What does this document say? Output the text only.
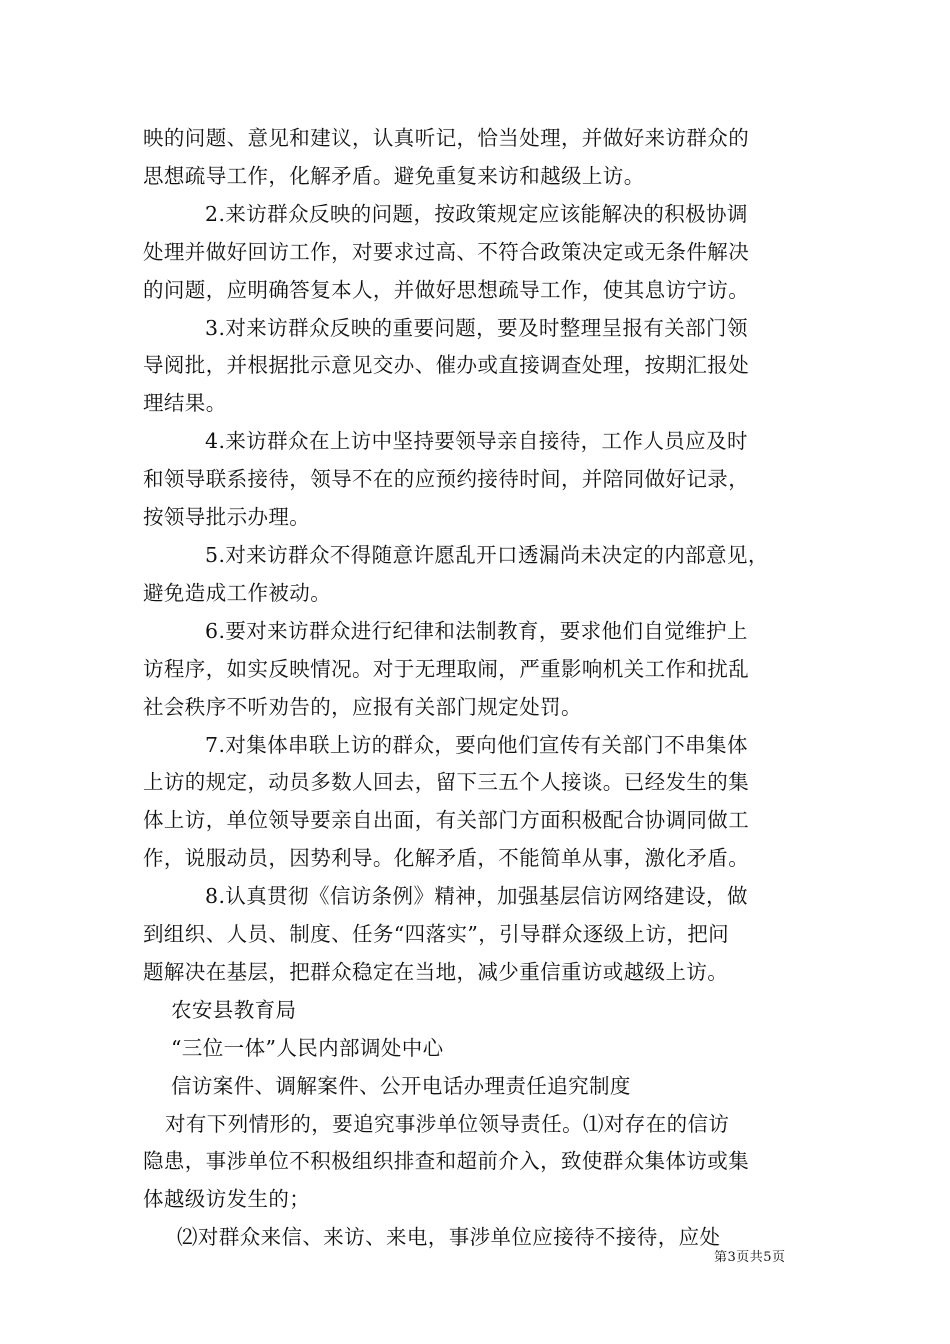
映的问题、意见和建议，认真听记，恰当处理，并做好来访群众的
思想疏导工作，化解矛盾。避免重复来访和越级上访。
2.来访群众反映的问题，按政策规定应该能解决的积极协调
处理并做好回访工作，对要求过高、不符合政策决定或无条件解决
的问题，应明确答复本人，并做好思想疏导工作，使其息访宁访。
3.对来访群众反映的重要问题，要及时整理呈报有关部门领
导阅批，并根据批示意见交办、催办或直接调查处理，按期汇报处
理结果。
4.来访群众在上访中坚持要领导亲自接待，工作人员应及时
和领导联系接待，领导不在的应预约接待时间，并陪同做好记录，
按领导批示办理。
5.对来访群众不得随意许愿乱开口透漏尚未决定的内部意见，
避免造成工作被动。
6.要对来访群众进行纪律和法制教育，要求他们自觉维护上
访程序，如实反映情况。对于无理取闹，严重影响机关工作和扰乱
社会秩序不听劝告的，应报有关部门规定处罚。
7.对集体串联上访的群众，要向他们宣传有关部门不串集体
上访的规定，动员多数人回去，留下三五个人接谈。已经发生的集
体上访，单位领导要亲自出面，有关部门方面积极配合协调同做工
作，说服动员，因势利导。化解矛盾，不能简单从事，激化矛盾。
8.认真贯彻《信访条例》精神，加强基层信访网络建设，做
到组织、人员、制度、任务“四落实”，引导群众逐级上访，把问
题解决在基层，把群众稳定在当地，减少重信重访或越级上访。
农安县教育局
“三位一体”人民内部调处中心
信访案件、调解案件、公开电话办理责任追究制度
对有下列情形的，要追究事涉单位领导责任。⑴对存在的信访
隐患，事涉单位不积极组织排查和超前介入，致使群众集体访或集
体越级访发生的；
⑵对群众来信、来访、来电，事涉单位应接待不接待，应处
第3页共5页
